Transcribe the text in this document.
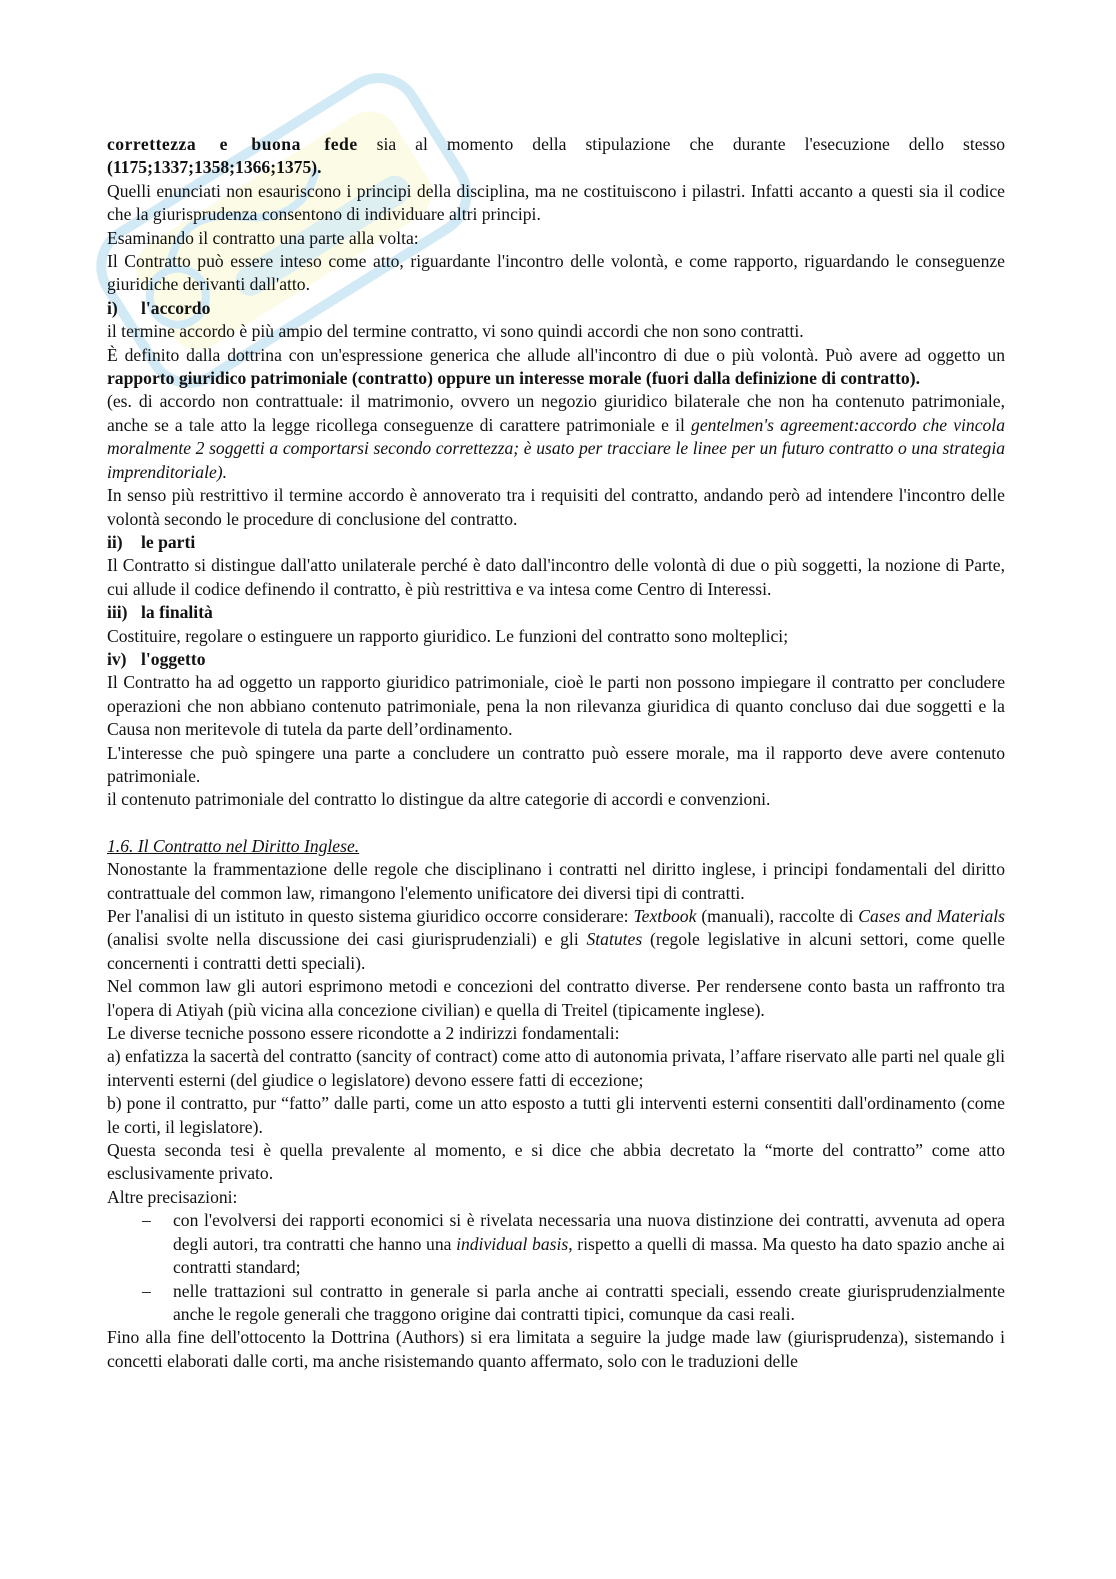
correttezza e buona fede sia al momento della stipulazione che durante l'esecuzione dello stesso (1175;1337;1358;1366;1375).

Quelli enunciati non esauriscono i principi della disciplina, ma ne costituiscono i pilastri. Infatti accanto a questi sia il codice che la giurisprudenza consentono di individuare altri principi.

Esaminando il contratto una parte alla volta:

Il Contratto può essere inteso come atto, riguardante l'incontro delle volontà, e come rapporto, riguardando le conseguenze giuridiche derivanti dall'atto.

i) l'accordo

il termine accordo è più ampio del termine contratto, vi sono quindi accordi che non sono contratti.

È definito dalla dottrina con un'espressione generica che allude all'incontro di due o più volontà. Può avere ad oggetto un rapporto giuridico patrimoniale (contratto) oppure un interesse morale (fuori dalla definizione di contratto).

(es. di accordo non contrattuale: il matrimonio, ovvero un negozio giuridico bilaterale che non ha contenuto patrimoniale, anche se a tale atto la legge ricollega conseguenze di carattere patrimoniale e il gentelmen's agreement:accordo che vincola moralmente 2 soggetti a comportarsi secondo correttezza; è usato per tracciare le linee per un futuro contratto o una strategia imprenditoriale).

In senso più restrittivo il termine accordo è annoverato tra i requisiti del contratto, andando però ad intendere l'incontro delle volontà secondo le procedure di conclusione del contratto.

ii) le parti

Il Contratto si distingue dall'atto unilaterale perché è dato dall'incontro delle volontà di due o più soggetti, la nozione di Parte, cui allude il codice definendo il contratto, è più restrittiva e va intesa come Centro di Interessi.

iii) la finalità

Costituire, regolare o estinguere un rapporto giuridico. Le funzioni del contratto sono molteplici;

iv) l'oggetto

Il Contratto ha ad oggetto un rapporto giuridico patrimoniale, cioè le parti non possono impiegare il contratto per concludere operazioni che non abbiano contenuto patrimoniale, pena la non rilevanza giuridica di quanto concluso dai due soggetti e la Causa non meritevole di tutela da parte dell’ordinamento.

L'interesse che può spingere una parte a concludere un contratto può essere morale, ma il rapporto deve avere contenuto patrimoniale.

il contenuto patrimoniale del contratto lo distingue da altre categorie di accordi e convenzioni.

1.6. Il Contratto nel Diritto Inglese.

Nonostante la frammentazione delle regole che disciplinano i contratti nel diritto inglese, i principi fondamentali del diritto contrattuale del common law, rimangono l'elemento unificatore dei diversi tipi di contratti.

Per l'analisi di un istituto in questo sistema giuridico occorre considerare: Textbook (manuali), raccolte di Cases and Materials (analisi svolte nella discussione dei casi giurisprudenziali) e gli Statutes (regole legislative in alcuni settori, come quelle concernenti i contratti detti speciali).

Nel common law gli autori esprimono metodi e concezioni del contratto diverse. Per rendersene conto basta un raffronto tra l'opera di Atiyah (più vicina alla concezione civilian) e quella di Treitel (tipicamente inglese).

Le diverse tecniche possono essere ricondotte a 2 indirizzi fondamentali:

a) enfatizza la sacertà del contratto (sancity of contract) come atto di autonomia privata, l’affare riservato alle parti nel quale gli interventi esterni (del giudice o legislatore) devono essere fatti di eccezione;

b) pone il contratto, pur “fatto” dalle parti, come un atto esposto a tutti gli interventi esterni consentiti dall'ordinamento (come le corti, il legislatore).

Questa seconda tesi è quella prevalente al momento, e si dice che abbia decretato la “morte del contratto” come atto esclusivamente privato.

Altre precisazioni:

– con l'evolversi dei rapporti economici si è rivelata necessaria una nuova distinzione dei contratti, avvenuta ad opera degli autori, tra contratti che hanno una individual basis, rispetto a quelli di massa. Ma questo ha dato spazio anche ai contratti standard;
– nelle trattazioni sul contratto in generale si parla anche ai contratti speciali, essendo create giurisprudenzialmente anche le regole generali che traggono origine dai contratti tipici, comunque da casi reali.

Fino alla fine dell'ottocento la Dottrina (Authors) si era limitata a seguire la judge made law (giurisprudenza), sistemando i concetti elaborati dalle corti, ma anche risistemando quanto affermato, solo con le traduzioni delle
